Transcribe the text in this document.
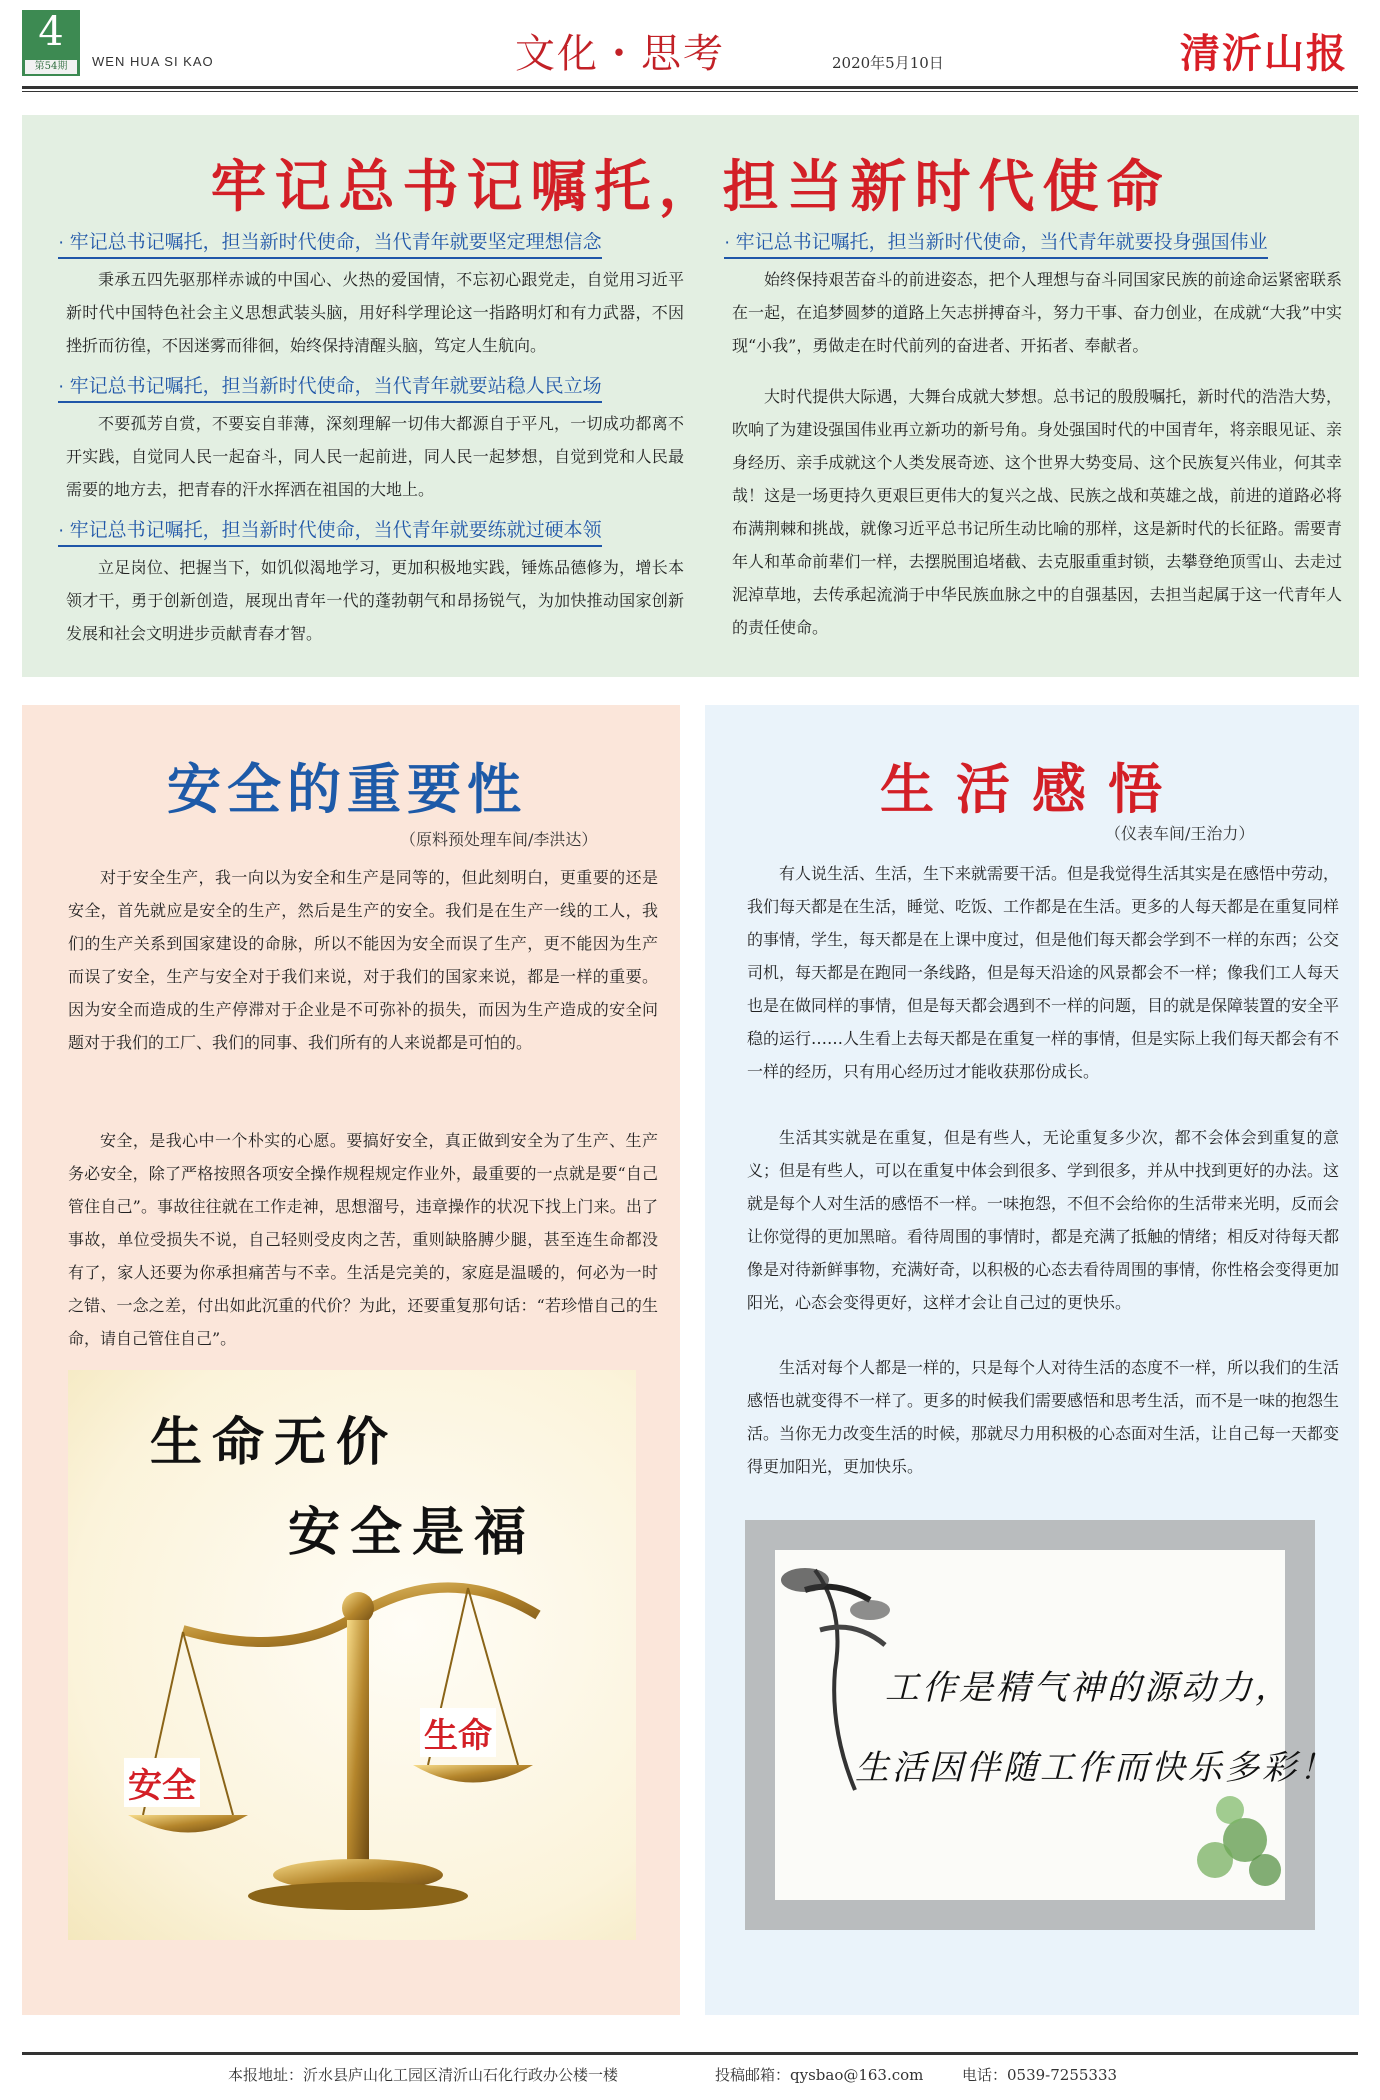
4
第54期	WEN HUA SI KAO	文化・思考	2020年5月10日	清沂山报
牢记总书记嘱托，担当新时代使命
· 牢记总书记嘱托，担当新时代使命，当代青年就要坚定理想信念

秉承五四先驱那样赤诚的中国心、火热的爱国情，不忘初心跟党走，自觉用习近平新时代中国特色社会主义思想武装头脑，用好科学理论这一指路明灯和有力武器，不因挫折而彷徨，不因迷雾而徘徊，始终保持清醒头脑，笃定人生航向。

· 牢记总书记嘱托，担当新时代使命，当代青年就要站稳人民立场

不要孤芳自赏，不要妄自菲薄，深刻理解一切伟大都源自于平凡，一切成功都离不开实践，自觉同人民一起奋斗，同人民一起前进，同人民一起梦想，自觉到党和人民最需要的地方去，把青春的汗水挥洒在祖国的大地上。

· 牢记总书记嘱托，担当新时代使命，当代青年就要练就过硬本领

立足岗位、把握当下，如饥似渴地学习，更加积极地实践，锤炼品德修为，增长本领才干，勇于创新创造，展现出青年一代的蓬勃朝气和昂扬锐气，为加快推动国家创新发展和社会文明进步贡献青春才智。

· 牢记总书记嘱托，担当新时代使命，当代青年就要投身强国伟业

始终保持艰苦奋斗的前进姿态，把个人理想与奋斗同国家民族的前途命运紧密联系在一起，在追梦圆梦的道路上矢志拼搏奋斗，努力干事、奋力创业，在成就“大我”中实现“小我”，勇做走在时代前列的奋进者、开拓者、奉献者。

大时代提供大际遇，大舞台成就大梦想。总书记的殷殷嘱托，新时代的浩浩大势，吹响了为建设强国伟业再立新功的新号角。身处强国时代的中国青年，将亲眼见证、亲身经历、亲手成就这个人类发展奇迹、这个世界大势变局、这个民族复兴伟业，何其幸哉！这是一场更持久更艰巨更伟大的复兴之战、民族之战和英雄之战，前进的道路必将布满荆棘和挑战，就像习近平总书记所生动比喻的那样，这是新时代的长征路。需要青年人和革命前辈们一样，去摆脱围追堵截、去克服重重封锁，去攀登绝顶雪山、去走过泥淖草地，去传承起流淌于中华民族血脉之中的自强基因，去担当起属于这一代青年人的责任使命。

安全的重要性
（原料预处理车间/李洪达）

对于安全生产，我一向以为安全和生产是同等的，但此刻明白，更重要的还是安全，首先就应是安全的生产，然后是生产的安全。我们是在生产一线的工人，我们的生产关系到国家建设的命脉，所以不能因为安全而误了生产，更不能因为生产而误了安全，生产与安全对于我们来说，对于我们的国家来说，都是一样的重要。因为安全而造成的生产停滞对于企业是不可弥补的损失，而因为生产造成的安全问题对于我们的工厂、我们的同事、我们所有的人来说都是可怕的。

安全，是我心中一个朴实的心愿。要搞好安全，真正做到安全为了生产、生产务必安全，除了严格按照各项安全操作规程规定作业外，最重要的一点就是要“自己管住自己”。事故往往就在工作走神，思想溜号，违章操作的状况下找上门来。出了事故，单位受损失不说，自己轻则受皮肉之苦，重则缺胳膊少腿，甚至连生命都没有了，家人还要为你承担痛苦与不幸。生活是完美的，家庭是温暖的，何必为一时之错、一念之差，付出如此沉重的代价？为此，还要重复那句话：“若珍惜自己的生命，请自己管住自己”。

生命无价
安全是福
安全
生命
生活感悟
（仪表车间/王治力）

有人说生活、生活，生下来就需要干活。但是我觉得生活其实是在感悟中劳动，我们每天都是在生活，睡觉、吃饭、工作都是在生活。更多的人每天都是在重复同样的事情，学生，每天都是在上课中度过，但是他们每天都会学到不一样的东西；公交司机，每天都是在跑同一条线路，但是每天沿途的风景都会不一样；像我们工人每天也是在做同样的事情，但是每天都会遇到不一样的问题，目的就是保障装置的安全平稳的运行……人生看上去每天都是在重复一样的事情，但是实际上我们每天都会有不一样的经历，只有用心经历过才能收获那份成长。

生活其实就是在重复，但是有些人，无论重复多少次，都不会体会到重复的意义；但是有些人，可以在重复中体会到很多、学到很多，并从中找到更好的办法。这就是每个人对生活的感悟不一样。一味抱怨，不但不会给你的生活带来光明，反而会让你觉得的更加黑暗。看待周围的事情时，都是充满了抵触的情绪；相反对待每天都像是对待新鲜事物，充满好奇，以积极的心态去看待周围的事情，你性格会变得更加阳光，心态会变得更好，这样才会让自己过的更快乐。

生活对每个人都是一样的，只是每个人对待生活的态度不一样，所以我们的生活感悟也就变得不一样了。更多的时候我们需要感悟和思考生活，而不是一味的抱怨生活。当你无力改变生活的时候，那就尽力用积极的心态面对生活，让自己每一天都变得更加阳光，更加快乐。

工作是精气神的源动力，
生活因伴随工作而快乐多彩！
本报地址：沂水县庐山化工园区清沂山石化行政办公楼一楼	投稿邮箱：qysbao@163.com	电话：0539-7255333
